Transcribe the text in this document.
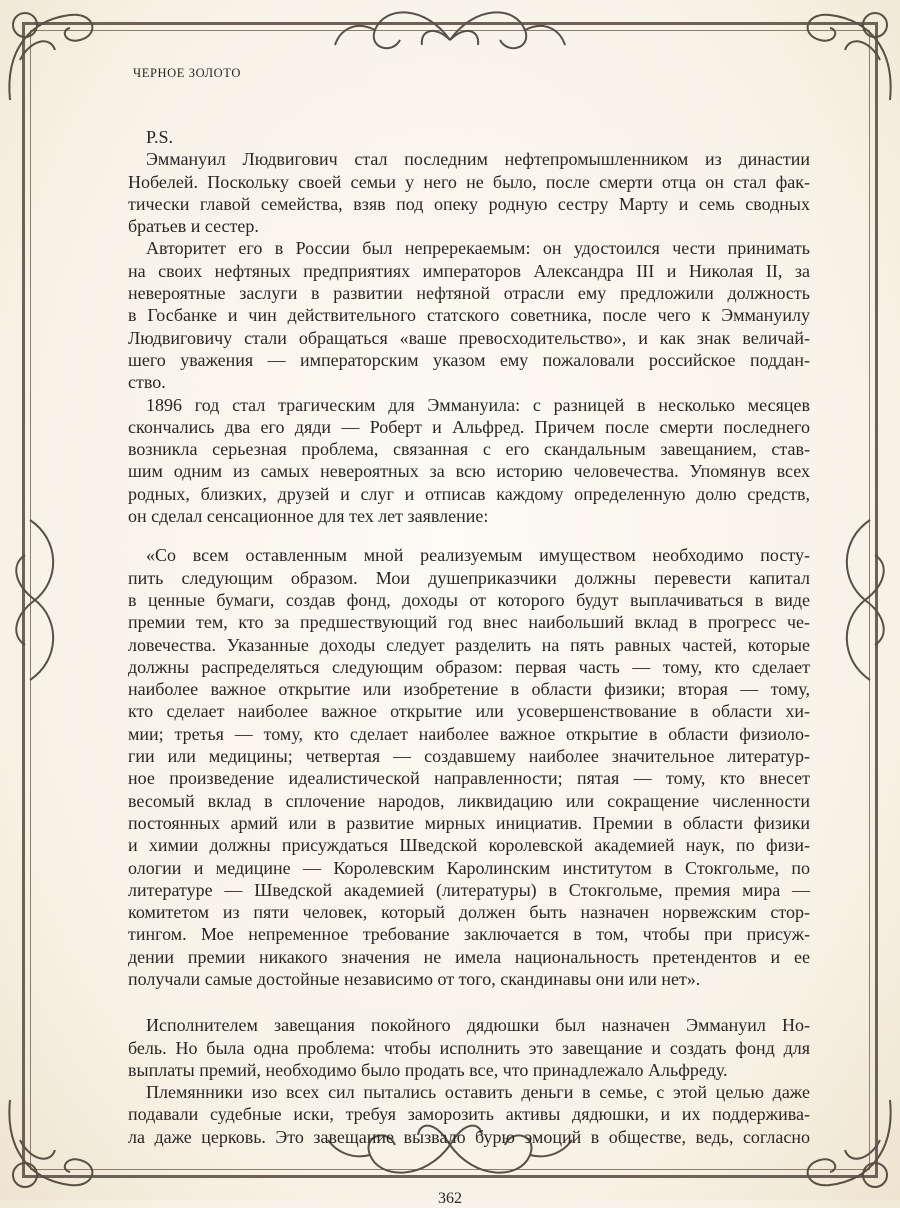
ЧЕРНОЕ ЗОЛОТО
P.S.
Эммануил Людвигович стал последним нефтепромышленником из династии
Нобелей. Поскольку своей семьи у него не было, после смерти отца он стал фак-
тически главой семейства, взяв под опеку родную сестру Марту и семь сводных
братьев и сестер.
Авторитет его в России был непререкаемым: он удостоился чести принимать
на своих нефтяных предприятиях императоров Александра III и Николая II, за
невероятные заслуги в развитии нефтяной отрасли ему предложили должность
в Госбанке и чин действительного статского советника, после чего к Эммануилу
Людвиговичу стали обращаться «ваше превосходительство», и как знак величай-
шего уважения — императорским указом ему пожаловали российское поддан-
ство.
1896 год стал трагическим для Эммануила: с разницей в несколько месяцев
скончались два его дяди — Роберт и Альфред. Причем после смерти последнего
возникла серьезная проблема, связанная с его скандальным завещанием, став-
шим одним из самых невероятных за всю историю человечества. Упомянув всех
родных, близких, друзей и слуг и отписав каждому определенную долю средств,
он сделал сенсационное для тех лет заявление:
«Со всем оставленным мной реализуемым имуществом необходимо посту-
пить следующим образом. Мои душеприказчики должны перевести капитал
в ценные бумаги, создав фонд, доходы от которого будут выплачиваться в виде
премии тем, кто за предшествующий год внес наибольший вклад в прогресс че-
ловечества. Указанные доходы следует разделить на пять равных частей, которые
должны распределяться следующим образом: первая часть — тому, кто сделает
наиболее важное открытие или изобретение в области физики; вторая — тому,
кто сделает наиболее важное открытие или усовершенствование в области хи-
мии; третья — тому, кто сделает наиболее важное открытие в области физиоло-
гии или медицины; четвертая — создавшему наиболее значительное литератур-
ное произведение идеалистической направленности; пятая — тому, кто внесет
весомый вклад в сплочение народов, ликвидацию или сокращение численности
постоянных армий или в развитие мирных инициатив. Премии в области физики
и химии должны присуждаться Шведской королевской академией наук, по физи-
ологии и медицине — Королевским Каролинским институтом в Стокгольме, по
литературе — Шведской академией (литературы) в Стокгольме, премия мира —
комитетом из пяти человек, который должен быть назначен норвежским стор-
тингом. Мое непременное требование заключается в том, чтобы при присуж-
дении премии никакого значения не имела национальность претендентов и ее
получали самые достойные независимо от того, скандинавы они или нет».
Исполнителем завещания покойного дядюшки был назначен Эммануил Но-
бель. Но была одна проблема: чтобы исполнить это завещание и создать фонд для
выплаты премий, необходимо было продать все, что принадлежало Альфреду.
Племянники изо всех сил пытались оставить деньги в семье, с этой целью даже
подавали судебные иски, требуя заморозить активы дядюшки, и их поддержива-
ла даже церковь. Это завещание вызвало бурю эмоций в обществе, ведь, согласно
362
